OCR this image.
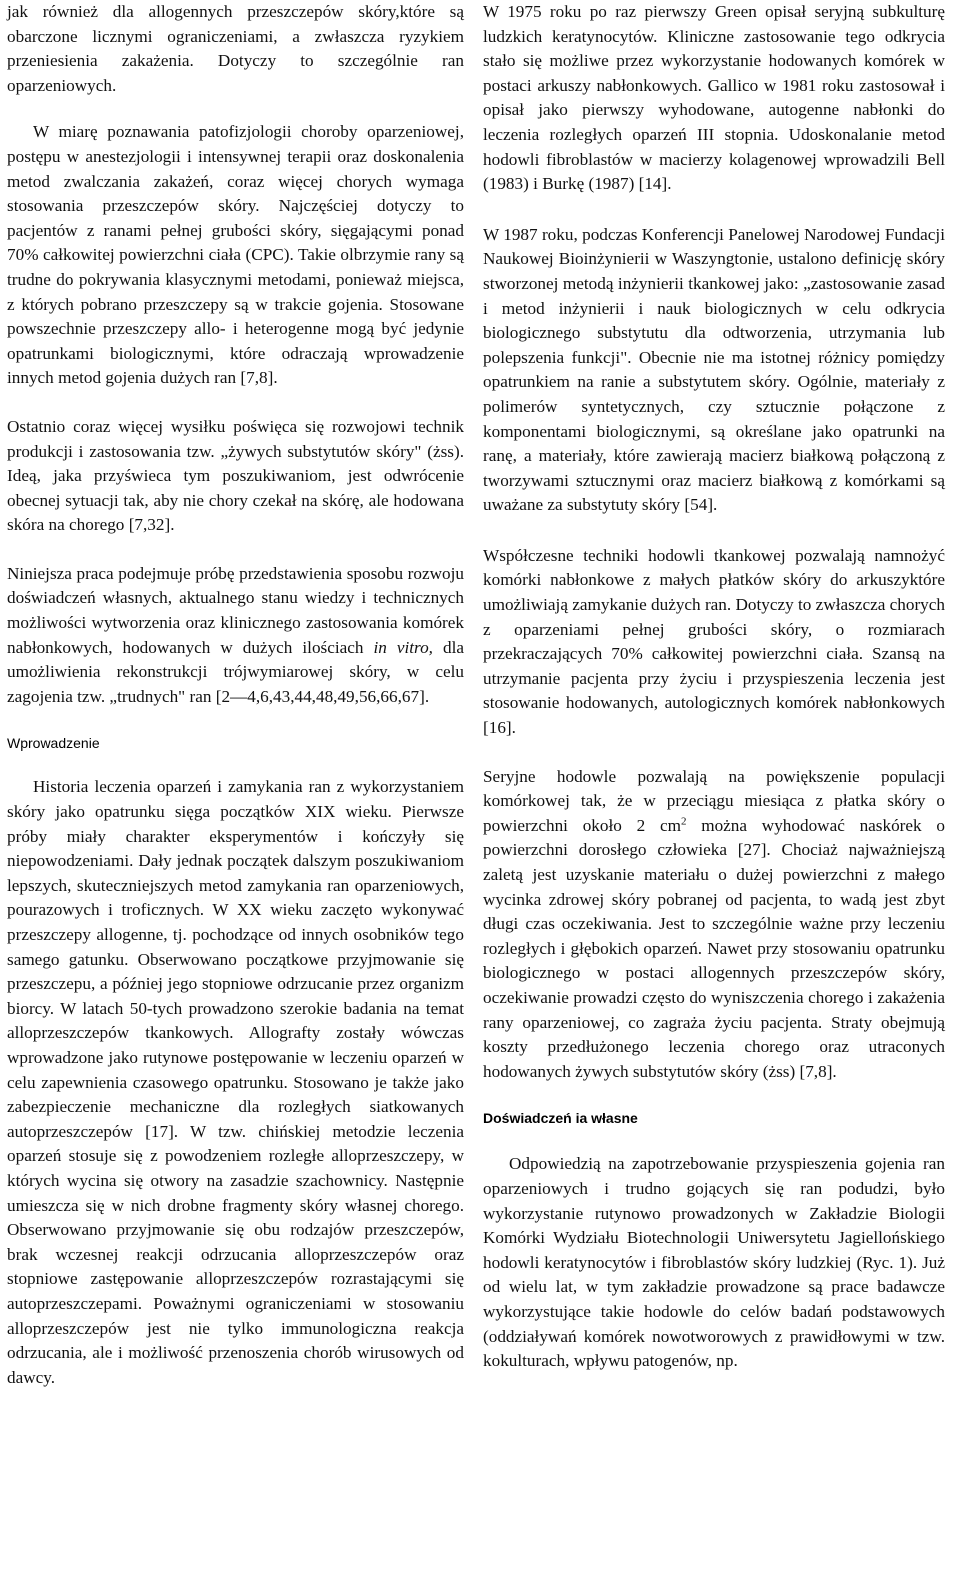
jak również dla allogennych przeszczepów skóry,które są obarczone licznymi ograniczeniami, a zwłaszcza ryzykiem przeniesienia zakażenia. Dotyczy to szczególnie ran oparzeniowych.

W miarę poznawania patofizjologii choroby oparzeniowej, postępu w anestezjologii i intensywnej terapii oraz doskonalenia metod zwalczania zakażeń, coraz więcej chorych wymaga stosowania przeszczepów skóry. Najczęściej dotyczy to pacjentów z ranami pełnej grubości skóry, sięgającymi ponad 70% całkowitej powierzchni ciała (CPC). Takie olbrzymie rany są trudne do pokrywania klasycznymi metodami, ponieważ miejsca, z których pobrano przeszczepy są w trakcie gojenia. Stosowane powszechnie przeszczepy allo- i heterogenne mogą być jedynie opatrunkami biologicznymi, które odraczają wprowadzenie innych metod gojenia dużych ran [7,8].

Ostatnio coraz więcej wysiłku poświęca się rozwojowi technik produkcji i zastosowania tzw. „żywych substytutów skóry" (żss). Ideą, jaka przyświeca tym poszukiwaniom, jest odwrócenie obecnej sytuacji tak, aby nie chory czekał na skórę, ale hodowana skóra na chorego [7,32].

Niniejsza praca podejmuje próbę przedstawienia sposobu rozwoju doświadczeń własnych, aktualnego stanu wiedzy i technicznych możliwości wytworzenia oraz klinicznego zastosowania komórek nabłonkowych, hodowanych w dużych ilościach in vitro, dla umożliwienia rekonstrukcji trójwymiarowej skóry, w celu zagojenia tzw. „trudnych" ran [2—4,6,43,44,48,49,56,66,67].

Wprowadzenie

Historia leczenia oparzeń i zamykania ran z wykorzystaniem skóry jako opatrunku sięga początków XIX wieku. Pierwsze próby miały charakter eksperymentów i kończyły się niepowodzeniami. Dały jednak początek dalszym poszukiwaniom lepszych, skuteczniejszych metod zamykania ran oparzeniowych, pourazowych i troficznych. W XX wieku zaczęto wykonywać przeszczepy allogenne, tj. pochodzące od innych osobników tego samego gatunku. Obserwowano początkowe przyjmowanie się przeszczepu, a później jego stopniowe odrzucanie przez organizm biorcy. W latach 50-tych prowadzono szerokie badania na temat alloprzeszczepów tkankowych. Allografty zostały wówczas wprowadzone jako rutynowe postępowanie w leczeniu oparzeń w celu zapewnienia czasowego opatrunku. Stosowano je także jako zabezpieczenie mechaniczne dla rozległych siatkowanych autoprzeszczepów [17]. W tzw. chińskiej metodzie leczenia oparzeń stosuje się z powodzeniem rozległe alloprzeszczepy, w których wycina się otwory na zasadzie szachownicy. Następnie umieszcza się w nich drobne fragmenty skóry własnej chorego. Obserwowano przyjmowanie się obu rodzajów przeszczepów, brak wczesnej reakcji odrzucania alloprzeszczepów oraz stopniowe zastępowanie alloprzeszczepów rozrastającymi się autoprzeszczepami. Poważnymi ograniczeniami w stosowaniu alloprzeszczepów jest nie tylko immunologiczna reakcja odrzucania, ale i możliwość przenoszenia chorób wirusowych od dawcy.

W 1975 roku po raz pierwszy Green opisał seryjną subkulturę ludzkich keratynocytów. Kliniczne zastosowanie tego odkrycia stało się możliwe przez wykorzystanie hodowanych komórek w postaci arkuszy nabłonkowych. Gallico w 1981 roku zastosował i opisał jako pierwszy wyhodowane, autogenne nabłonki do leczenia rozległych oparzeń III stopnia. Udoskonalanie metod hodowli fibroblastów w macierzy kolagenowej wprowadzili Bell (1983) i Burkę (1987) [14].

W 1987 roku, podczas Konferencji Panelowej Narodowej Fundacji Naukowej Bioinżynierii w Waszyngtonie, ustalono definicję skóry stworzonej metodą inżynierii tkankowej jako: „zastosowanie zasad i metod inżynierii i nauk biologicznych w celu odkrycia biologicznego substytutu dla odtworzenia, utrzymania lub polepszenia funkcji". Obecnie nie ma istotnej różnicy pomiędzy opatrunkiem na ranie a substytutem skóry. Ogólnie, materiały z polimerów syntetycznych, czy sztucznie połączone z komponentami biologicznymi, są określane jako opatrunki na ranę, a materiały, które zawierają macierz białkową połączoną z tworzywami sztucznymi oraz macierz białkową z komórkami są uważane za substytuty skóry [54].

Współczesne techniki hodowli tkankowej pozwalają namnożyć komórki nabłonkowe z małych płatków skóry do arkuszyktóre umożliwiają zamykanie dużych ran. Dotyczy to zwłaszcza chorych z oparzeniami pełnej grubości skóry, o rozmiarach przekraczających 70% całkowitej powierzchni ciała. Szansą na utrzymanie pacjenta przy życiu i przyspieszenia leczenia jest stosowanie hodowanych, autologicznych komórek nabłonkowych [16].

Seryjne hodowle pozwalają na powiększenie populacji komórkowej tak, że w przeciągu miesiąca z płatka skóry o powierzchni około 2 $cm^2$ można wyhodować naskórek o powierzchni dorosłego człowieka [27]. Chociaż najważniejszą zaletą jest uzyskanie materiału o dużej powierzchni z małego wycinka zdrowej skóry pobranej od pacjenta, to wadą jest zbyt długi czas oczekiwania. Jest to szczególnie ważne przy leczeniu rozległych i głębokich oparzeń. Nawet przy stosowaniu opatrunku biologicznego w postaci allogennych przeszczepów skóry, oczekiwanie prowadzi często do wyniszczenia chorego i zakażenia rany oparzeniowej, co zagraża życiu pacjenta. Straty obejmują koszty przedłużonego leczenia chorego oraz utraconych hodowanych żywych substytutów skóry (żss) [7,8].

Doświadczeń ia własne

Odpowiedzią na zapotrzebowanie przyspieszenia gojenia ran oparzeniowych i trudno gojących się ran podudzi, było wykorzystanie rutynowo prowadzonych w Zakładzie Biologii Komórki Wydziału Biotechnologii Uniwersytetu Jagiellońskiego hodowli keratynocytów i fibroblastów skóry ludzkiej (Ryc. 1). Już od wielu lat, w tym zakładzie prowadzone są prace badawcze wykorzystujące takie hodowle do celów badań podstawowych (oddziaływań komórek nowotworowych z prawidłowymi w tzw. kokulturach, wpływu patogenów, np.
